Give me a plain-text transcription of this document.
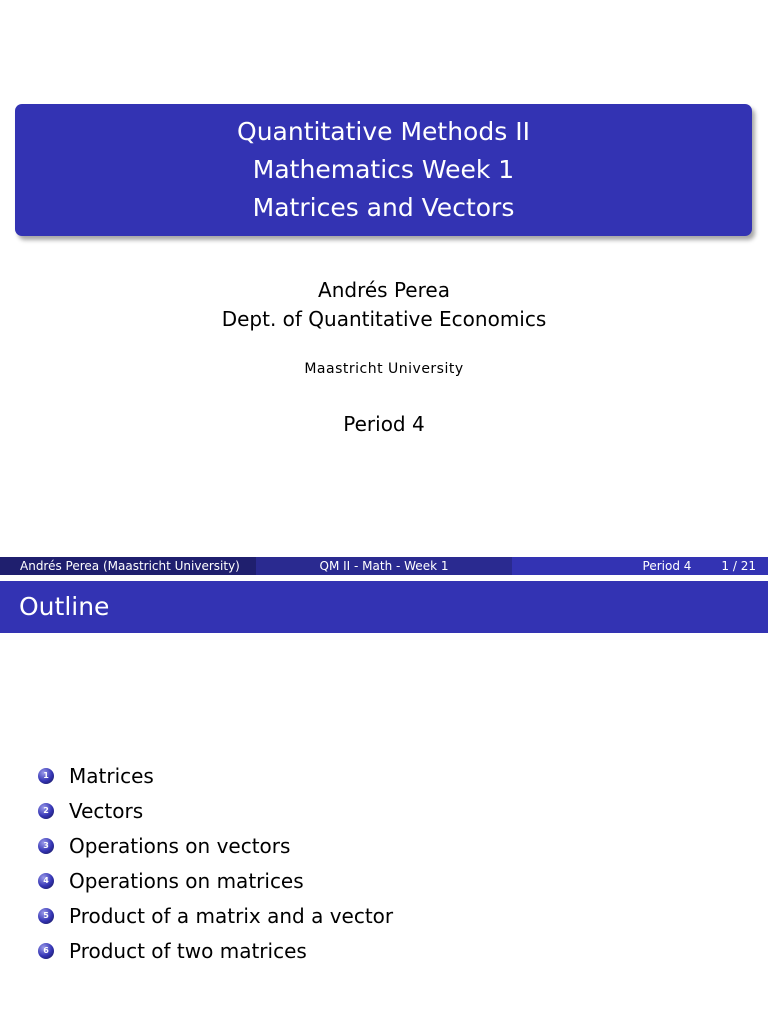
Quantitative Methods II
Mathematics Week 1
Matrices and Vectors
Andrés Perea
Dept. of Quantitative Economics
Maastricht University
Period 4
Andrés Perea (Maastricht University)	QM II - Math - Week 1	Period 4	1 / 21
Outline
1 Matrices
2 Vectors
3 Operations on vectors
4 Operations on matrices
5 Product of a matrix and a vector
6 Product of two matrices
